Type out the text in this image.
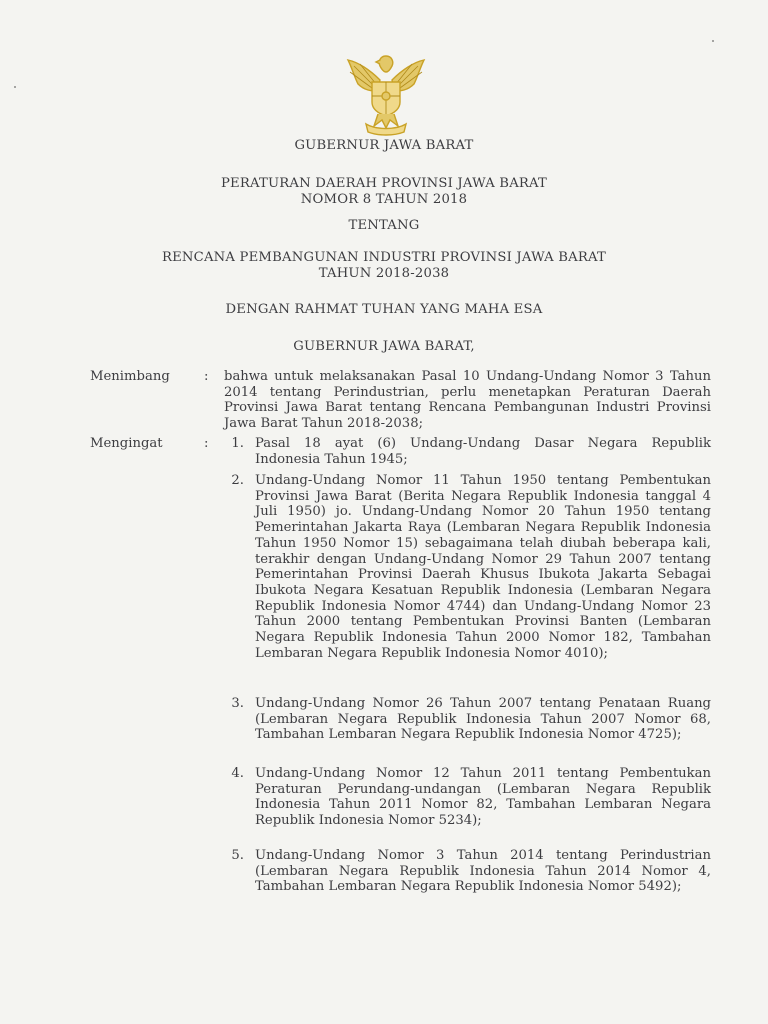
GUBERNUR JAWA BARAT
PERATURAN DAERAH PROVINSI JAWA BARAT
NOMOR 8 TAHUN 2018
TENTANG
RENCANA PEMBANGUNAN INDUSTRI PROVINSI JAWA BARAT
TAHUN 2018-2038
DENGAN RAHMAT TUHAN YANG MAHA ESA
GUBERNUR JAWA BARAT,
Menimbang	: bahwa untuk melaksanakan Pasal 10 Undang-Undang Nomor 3 Tahun 2014 tentang Perindustrian, perlu menetapkan Peraturan Daerah Provinsi Jawa Barat tentang Rencana Pembangunan Industri Provinsi Jawa Barat Tahun 2018-2038;
Mengingat	:	1. Pasal 18 ayat (6) Undang-Undang Dasar Negara Republik Indonesia Tahun 1945;
2. Undang-Undang Nomor 11 Tahun 1950 tentang Pembentukan Provinsi Jawa Barat (Berita Negara Republik Indonesia tanggal 4 Juli 1950) jo. Undang-Undang Nomor 20 Tahun 1950 tentang Pemerintahan Jakarta Raya (Lembaran Negara Republik Indonesia Tahun 1950 Nomor 15) sebagaimana telah diubah beberapa kali, terakhir dengan Undang-Undang Nomor 29 Tahun 2007 tentang Pemerintahan Provinsi Daerah Khusus Ibukota Jakarta Sebagai Ibukota Negara Kesatuan Republik Indonesia (Lembaran Negara Republik Indonesia Nomor 4744) dan Undang-Undang Nomor 23 Tahun 2000 tentang Pembentukan Provinsi Banten (Lembaran Negara Republik Indonesia Tahun 2000 Nomor 182, Tambahan Lembaran Negara Republik Indonesia Nomor 4010);
3. Undang-Undang Nomor 26 Tahun 2007 tentang Penataan Ruang (Lembaran Negara Republik Indonesia Tahun 2007 Nomor 68, Tambahan Lembaran Negara Republik Indonesia Nomor 4725);
4. Undang-Undang Nomor 12 Tahun 2011 tentang Pembentukan Peraturan Perundang-undangan (Lembaran Negara Republik Indonesia Tahun 2011 Nomor 82, Tambahan Lembaran Negara Republik Indonesia Nomor 5234);
5. Undang-Undang Nomor 3 Tahun 2014 tentang Perindustrian (Lembaran Negara Republik Indonesia Tahun 2014 Nomor 4, Tambahan Lembaran Negara Republik Indonesia Nomor 5492);
